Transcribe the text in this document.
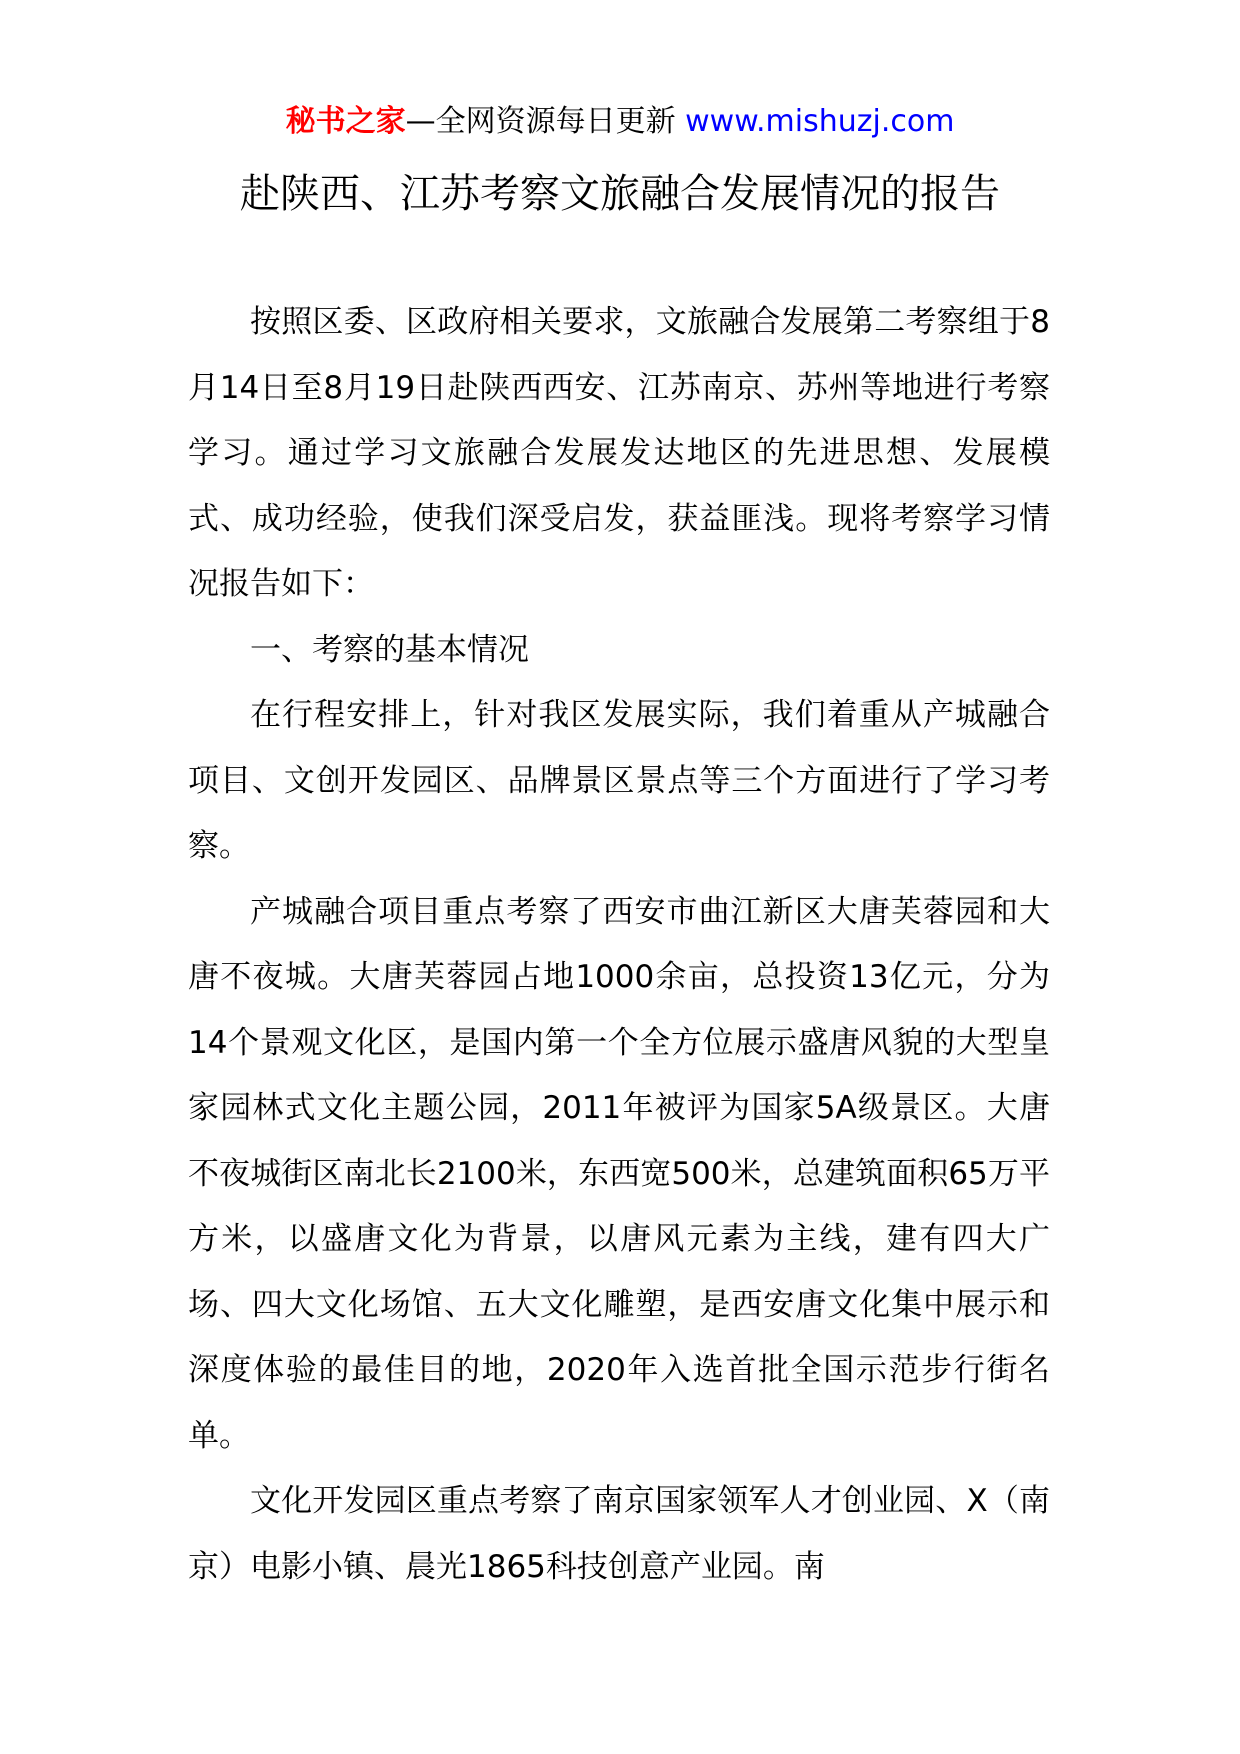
秘书之家—全网资源每日更新 www.mishuzj.com
赴陕西、江苏考察文旅融合发展情况的报告

按照区委、区政府相关要求，文旅融合发展第二考察组于8月14日至8月19日赴陕西西安、江苏南京、苏州等地进行考察学习。通过学习文旅融合发展发达地区的先进思想、发展模式、成功经验，使我们深受启发，获益匪浅。现将考察学习情况报告如下：

一、考察的基本情况

在行程安排上，针对我区发展实际，我们着重从产城融合项目、文创开发园区、品牌景区景点等三个方面进行了学习考察。

产城融合项目重点考察了西安市曲江新区大唐芙蓉园和大唐不夜城。大唐芙蓉园占地1000余亩，总投资13亿元，分为14个景观文化区，是国内第一个全方位展示盛唐风貌的大型皇家园林式文化主题公园，2011年被评为国家5A级景区。大唐不夜城街区南北长2100米，东西宽500米，总建筑面积65万平方米，以盛唐文化为背景，以唐风元素为主线，建有四大广场、四大文化场馆、五大文化雕塑，是西安唐文化集中展示和深度体验的最佳目的地，2020年入选首批全国示范步行街名单。

文化开发园区重点考察了南京国家领军人才创业园、X（南京）电影小镇、晨光1865科技创意产业园。南
